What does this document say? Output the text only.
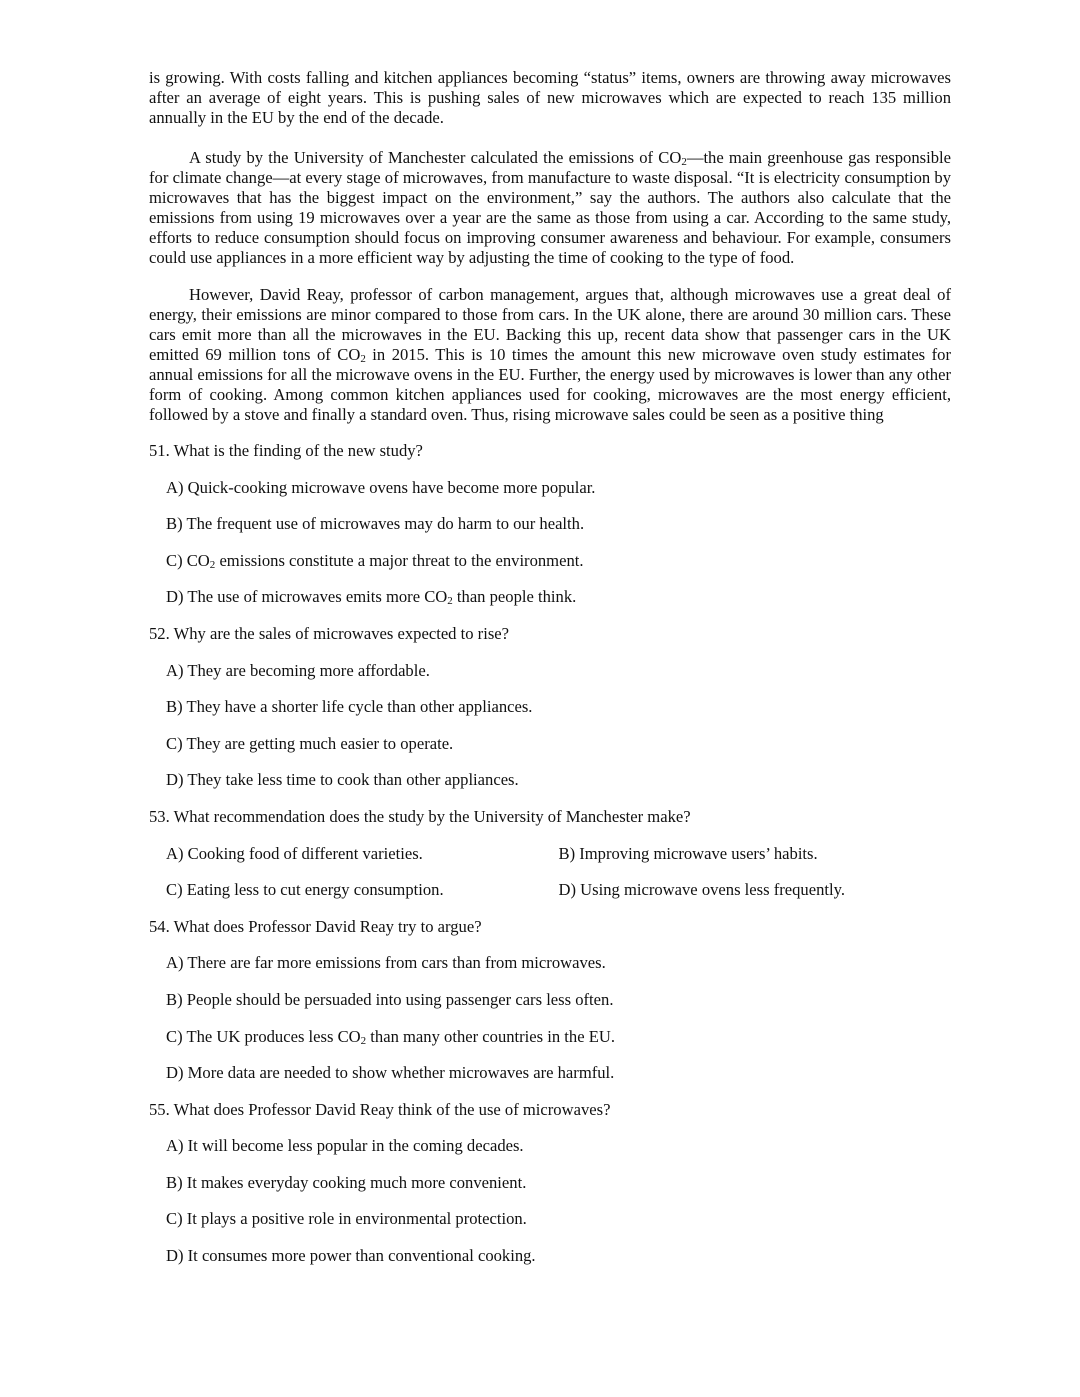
is growing. With costs falling and kitchen appliances becoming “status” items, owners are throwing away microwaves after an average of eight years. This is pushing sales of new microwaves which are expected to reach 135 million annually in the EU by the end of the decade.

A study by the University of Manchester calculated the emissions of $CO_2—the$ main greenhouse gas responsible for climate change—at every stage of microwaves, from manufacture to waste disposal. “It is electricity consumption by microwaves that has the biggest impact on the environment,” say the authors. The authors also calculate that the emissions from using 19 microwaves over a year are the same as those from using a car. According to the same study, efforts to reduce consumption should focus on improving consumer awareness and behaviour. For example, consumers could use appliances in a more efficient way by adjusting the time of cooking to the type of food.

However, David Reay, professor of carbon management, argues that, although microwaves use a great deal of energy, their emissions are minor compared to those from cars. In the UK alone, there are around 30 million cars. These cars emit more than all the microwaves in the EU. Backing this up, recent data show that passenger cars in the UK emitted 69 million tons of $CO_2$ in 2015. This is 10 times the amount this new microwave oven study estimates for annual emissions for all the microwave ovens in the EU. Further, the energy used by microwaves is lower than any other form of cooking. Among common kitchen appliances used for cooking, microwaves are the most energy efficient, followed by a stove and finally a standard oven. Thus, rising microwave sales could be seen as a positive thing

51. What is the finding of the new study?

A) Quick-cooking microwave ovens have become more popular.

B) The frequent use of microwaves may do harm to our health.

C) $CO_2$ emissions constitute a major threat to the environment.

D) The use of microwaves emits more $CO_2$ than people think.

52. Why are the sales of microwaves expected to rise?

A) They are becoming more affordable.

B) They have a shorter life cycle than other appliances.

C) They are getting much easier to operate.

D) They take less time to cook than other appliances.

53. What recommendation does the study by the University of Manchester make?

A) Cooking food of different varieties.	B) Improving microwave users’ habits.
C) Eating less to cut energy consumption.	D) Using microwave ovens less frequently.

54. What does Professor David Reay try to argue?

A) There are far more emissions from cars than from microwaves.

B) People should be persuaded into using passenger cars less often.

C) The UK produces less $CO_2$ than many other countries in the EU.

D) More data are needed to show whether microwaves are harmful.

55. What does Professor David Reay think of the use of microwaves?

A) It will become less popular in the coming decades.

B) It makes everyday cooking much more convenient.

C) It plays a positive role in environmental protection.

D) It consumes more power than conventional cooking.
